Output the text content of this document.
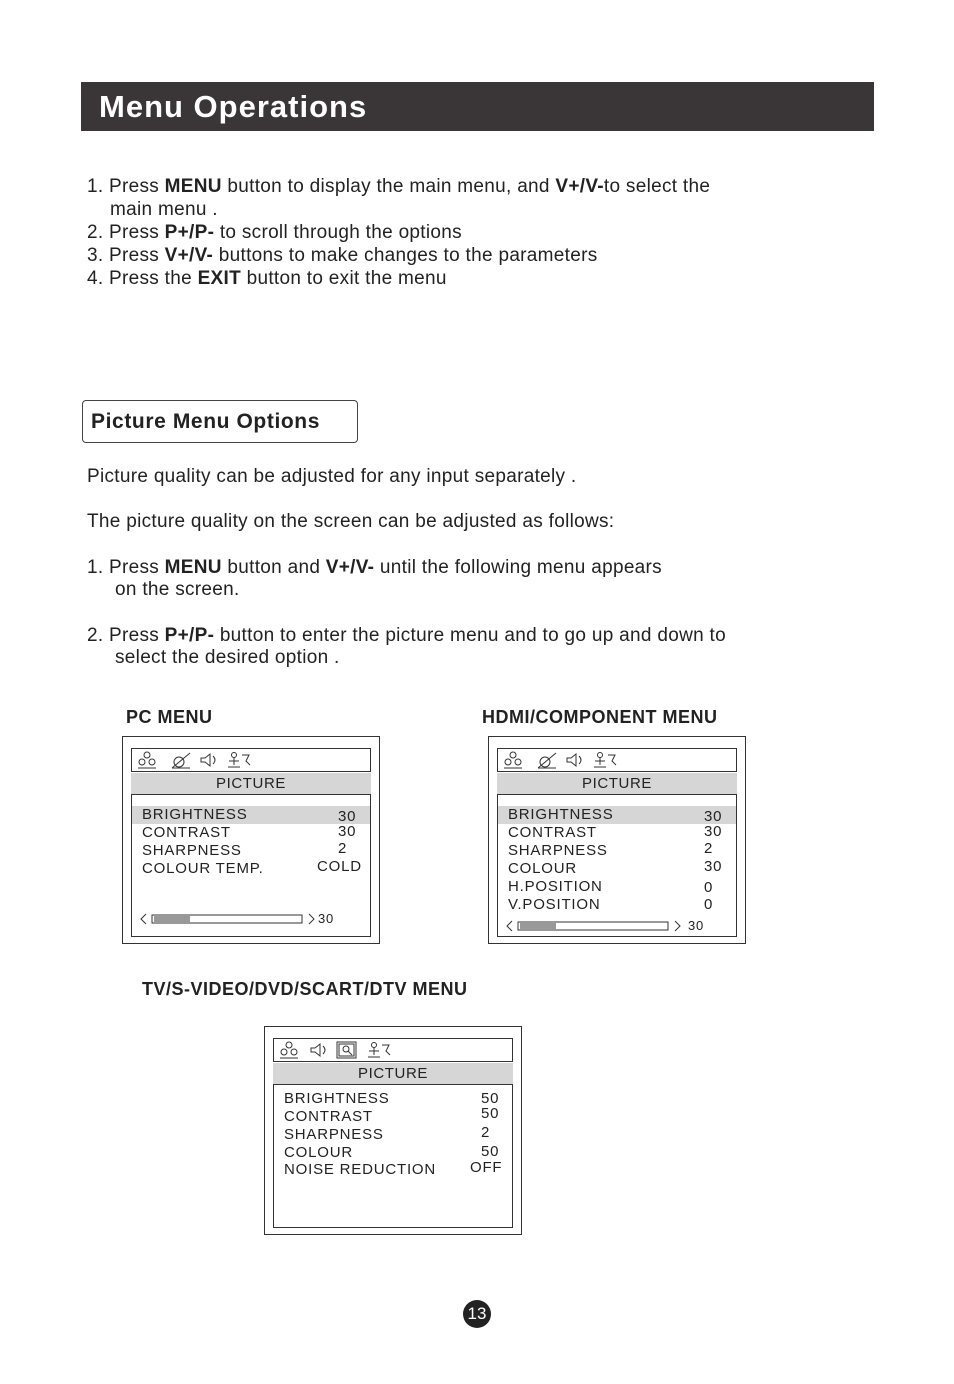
Menu Operations
1. Press MENU button to display the main menu, and V+/V-to select the
main menu .
2. Press P+/P- to scroll through the options
3. Press V+/V- buttons to make changes to the parameters
4. Press the EXIT button to exit the menu
Picture Menu Options
Picture quality can be adjusted for any input separately .
The picture quality on the screen can be adjusted as follows:
1. Press MENU button and V+/V- until the following menu appears
on the screen.
2. Press P+/P- button to enter the picture menu and to go up and down to
select the desired option .
PC MENU
PICTURE
BRIGHTNESS
CONTRAST
SHARPNESS
COLOUR TEMP.
30
30
2
COLD
30
HDMI/COMPONENT MENU
PICTURE
BRIGHTNESS
CONTRAST
SHARPNESS
COLOUR
H.POSITION
V.POSITION
30
30
2
30
0
0
30
TV/S-VIDEO/DVD/SCART/DTV MENU
PICTURE
BRIGHTNESS
CONTRAST
SHARPNESS
COLOUR
NOISE REDUCTION
50
50
2
50
OFF
13
